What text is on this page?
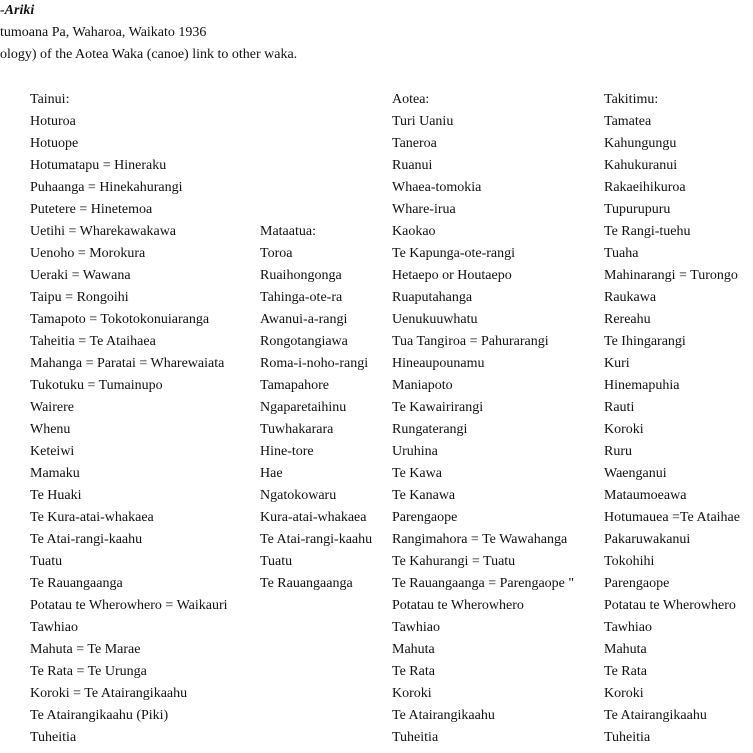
-Ariki
tumoana Pa, Waharoa, Waikato 1936
ology) of the Aotea Waka (canoe) link to other waka.
Tainui:
Hoturoa
Hotuope
Hotumatapu = Hineraku
Puhaanga = Hinekahurangi
Putetere = Hinetemoa
Uetihi = Wharekawakawa
Uenoho = Morokura
Ueraki = Wawana
Taipu = Rongoihi
Tamapoto = Tokotokonuiaranga
Taheitia = Te Ataihaea
Mahanga = Paratai = Wharewaiata
Tukotuku = Tumainupo
Wairere
Whenu
Keteiwi
Mamaku
Te Huaki
Te Kura-atai-whakaea
Te Atai-rangi-kaahu
Tuatu
Te Rauangaanga
Potatau te Wherowhero = Waikauri
Tawhiao
Mahuta = Te Marae
Te Rata = Te Urunga
Koroki = Te Atairangikaahu
Te Atairangikaahu (Piki)
Tuheitia
Mataatua:
Toroa
Ruaihongonga
Tahinga-ote-ra
Awanui-a-rangi
Rongotangiawa
Roma-i-noho-rangi
Tamapahore
Ngaparetaihinu
Tuwhakarara
Hine-tore
Hae
Ngatokowaru
Kura-atai-whakaea
Te Atai-rangi-kaahu
Tuatu
Te Rauangaanga
Aotea:
Turi Uaniu
Taneroa
Ruanui
Whaea-tomokia
Whare-irua
Kaokao
Te Kapunga-ote-rangi
Hetaepo or Houtaepo
Ruaputahanga
Uenukuuwhatu
Tua Tangiroa = Pahurarangi
Hineaupounamu
Maniapoto
Te Kawairirangi
Rungaterangi
Uruhina
Te Kawa
Te Kanawa
Parengaope
Rangimahora = Te Wawahanga
Te Kahurangi = Tuatu
Te Rauangaanga = Parengaope "
Potatau te Wherowhero
Tawhiao
Mahuta
Te Rata
Koroki
Te Atairangikaahu
Tuheitia
Takitimu:
Tamatea
Kahungungu
Kahukuranui
Rakaeihikuroa
Tupurupuru
Te Rangi-tuehu
Tuaha
Mahinarangi = Turongo
Raukawa
Rereahu
Te Ihingarangi
Kuri
Hinemapuhia
Rauti
Koroki
Ruru
Waenganui
Mataumoeawa
Hotumauea =Te Ataihae
Pakaruwakanui
Tokohihi
Parengaope
Potatau te Wherowhero
Tawhiao
Mahuta
Te Rata
Koroki
Te Atairangikaahu
Tuheitia
